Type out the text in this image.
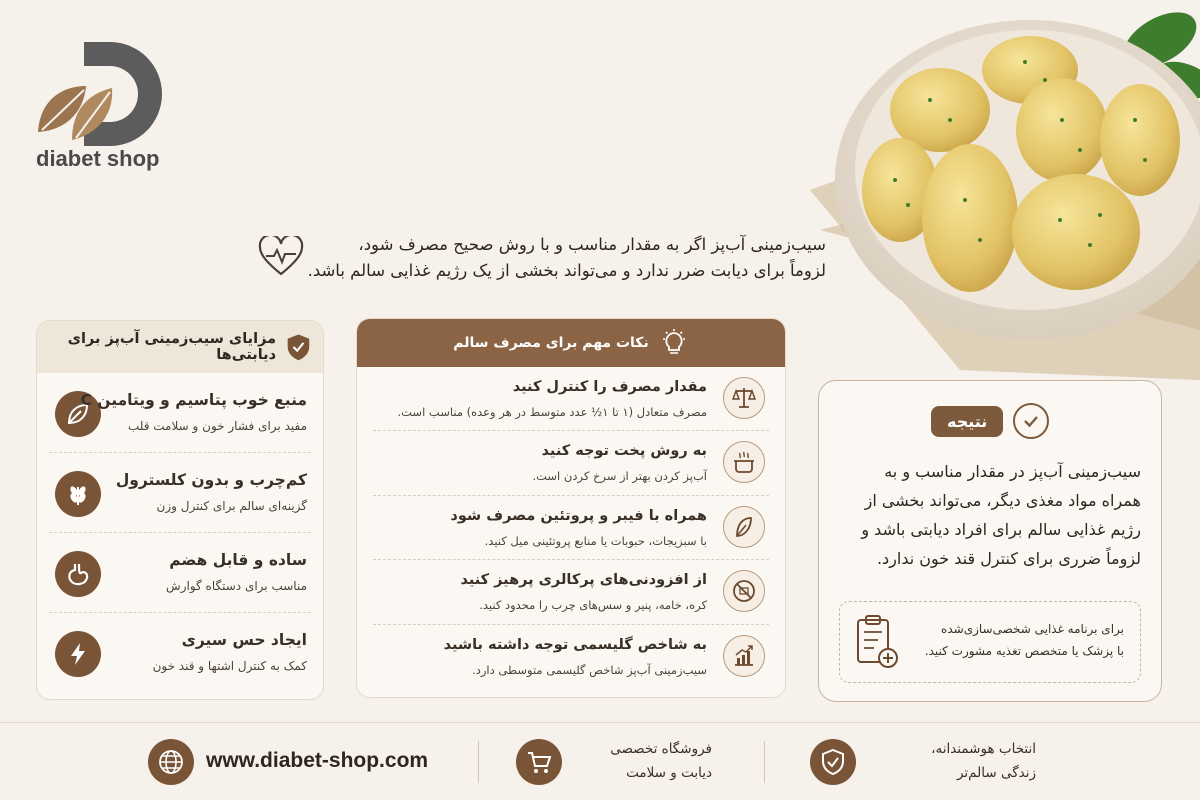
diabet shop
سیب‌زمینی آب‌پز اگر به مقدار مناسب و با روش صحیح مصرف شود،
لزوماً برای دیابت ضرر ندارد و می‌تواند بخشی از یک رژیم غذایی سالم باشد.
مزایای سیب‌زمینی آب‌پز برای دیابتی‌ها
منبع خوب پتاسیم و ویتامین C
مفید برای فشار خون و سلامت قلب
کم‌چرب و بدون کلسترول
گزینه‌ای سالم برای کنترل وزن
ساده و قابل هضم
مناسب برای دستگاه گوارش
ایجاد حس سیری
کمک به کنترل اشتها و قند خون
نکات مهم برای مصرف سالم
مقدار مصرف را کنترل کنید
مصرف متعادل (۱ تا ۱½ عدد متوسط در هر وعده) مناسب است.
به روش پخت توجه کنید
آب‌پز کردن بهتر از سرخ کردن است.
همراه با فیبر و پروتئین مصرف شود
با سبزیجات، حبوبات یا منابع پروتئینی میل کنید.
از افزودنی‌های پرکالری پرهیز کنید
کره، خامه، پنیر و سس‌های چرب را محدود کنید.
به شاخص گلیسمی توجه داشته باشید
سیب‌زمینی آب‌پز شاخص گلیسمی متوسطی دارد.
نتیجه
سیب‌زمینی آب‌پز در مقدار مناسب و به همراه مواد مغذی دیگر، می‌تواند بخشی از رژیم غذایی سالم برای افراد دیابتی باشد و لزوماً ضرری برای کنترل قند خون ندارد.
برای برنامه غذایی شخصی‌سازی‌شده
با پزشک یا متخصص تغذیه مشورت کنید.
www.diabet-shop.com	فروشگاه تخصصی
دیابت و سلامت
انتخاب هوشمندانه،
زندگی سالم‌تر
